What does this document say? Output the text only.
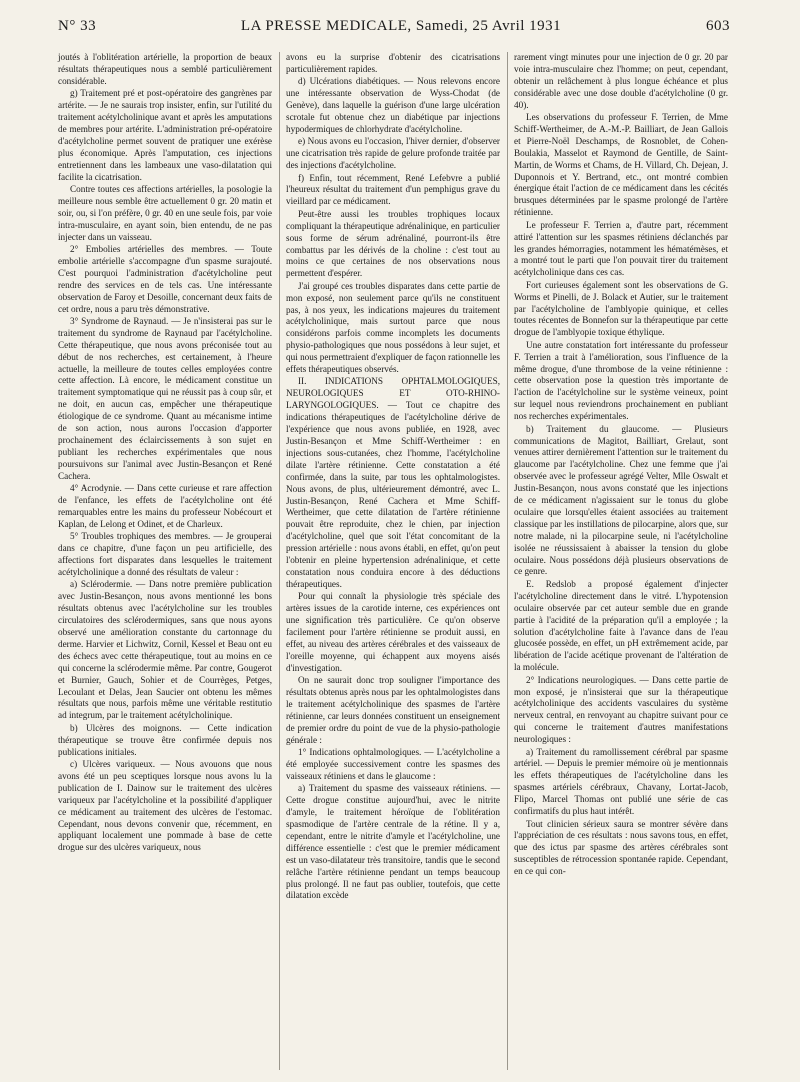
N° 33	LA PRESSE MEDICALE, Samedi, 25 Avril 1931	603

joutés à l'oblitération artérielle, la proportion de beaux résultats thérapeutiques nous a semblé particulièrement considérable.

g) Traitement pré et post-opératoire des gangrènes par artérite. — Je ne saurais trop insister, enfin, sur l'utilité du traitement acétylcholinique avant et après les amputations de membres pour artérite. L'administration pré-opératoire d'acétylcholine permet souvent de pratiquer une exérèse plus économique. Après l'amputation, ces injections entretiennent dans les lambeaux une vaso-dilatation qui facilite la cicatrisation.

Contre toutes ces affections artérielles, la posologie la meilleure nous semble être actuellement 0 gr. 20 matin et soir, ou, si l'on préfère, 0 gr. 40 en une seule fois, par voie intra-musculaire, en ayant soin, bien entendu, de ne pas injecter dans un vaisseau.

2° Embolies artérielles des membres. — Toute embolie artérielle s'accompagne d'un spasme surajouté. C'est pourquoi l'administration d'acétylcholine peut rendre des services en de tels cas. Une intéressante observation de Faroy et Desoille, concernant deux faits de cet ordre, nous a paru très démonstrative.

3° Syndrome de Raynaud. — Je n'insisterai pas sur le traitement du syndrome de Raynaud par l'acétylcholine. Cette thérapeutique, que nous avons préconisée tout au début de nos recherches, est certainement, à l'heure actuelle, la meilleure de toutes celles employées contre cette affection. Là encore, le médicament constitue un traitement symptomatique qui ne réussit pas à coup sûr, et ne doit, en aucun cas, empêcher une thérapeutique étiologique de ce syndrome. Quant au mécanisme intime de son action, nous aurons l'occasion d'apporter prochainement des éclaircissements à son sujet en publiant les recherches expérimentales que nous poursuivons sur l'animal avec Justin-Besançon et René Cachera.

4° Acrodynie. — Dans cette curieuse et rare affection de l'enfance, les effets de l'acétylcholine ont été remarquables entre les mains du professeur Nobécourt et Kaplan, de Lelong et Odinet, et de Charleux.

5° Troubles trophiques des membres. — Je grouperai dans ce chapitre, d'une façon un peu artificielle, des affections fort disparates dans lesquelles le traitement acétylcholinique a donné des résultats de valeur :

a) Sclérodermie. — Dans notre première publication avec Justin-Besançon, nous avons mentionné les bons résultats obtenus avec l'acétylcholine sur les troubles circulatoires des sclérodermiques, sans que nous ayons observé une amélioration constante du cartonnage du derme. Harvier et Lichwitz, Cornil, Kessel et Beau ont eu des échecs avec cette thérapeutique, tout au moins en ce qui concerne la sclérodermie même. Par contre, Gougerot et Burnier, Gauch, Sohier et de Courrèges, Petges, Lecoulant et Delas, Jean Saucier ont obtenu les mêmes résultats que nous, parfois même une véritable restitutio ad integrum, par le traitement acétylcholinique.

b) Ulcères des moignons. — Cette indication thérapeutique se trouve être confirmée depuis nos publications initiales.

c) Ulcères variqueux. — Nous avouons que nous avons été un peu sceptiques lorsque nous avons lu la publication de I. Dainow sur le traitement des ulcères variqueux par l'acétylcholine et la possibilité d'appliquer ce médicament au traitement des ulcères de l'estomac. Cependant, nous devons convenir que, récemment, en appliquant localement une pommade à base de cette drogue sur des ulcères variqueux, nous

avons eu la surprise d'obtenir des cicatrisations particulièrement rapides.

d) Ulcérations diabétiques. — Nous relevons encore une intéressante observation de Wyss-Chodat (de Genève), dans laquelle la guérison d'une large ulcération scrotale fut obtenue chez un diabétique par injections hypodermiques de chlorhydrate d'acétylcholine.

e) Nous avons eu l'occasion, l'hiver dernier, d'observer une cicatrisation très rapide de gelure profonde traitée par des injections d'acétylcholine.

f) Enfin, tout récemment, René Lefebvre a publié l'heureux résultat du traitement d'un pemphigus grave du vieillard par ce médicament.

Peut-être aussi les troubles trophiques locaux compliquant la thérapeutique adrénalinique, en particulier sous forme de sérum adrénaliné, pourront-ils être combattus par les dérivés de la choline : c'est tout au moins ce que certaines de nos observations nous permettent d'espérer.

J'ai groupé ces troubles disparates dans cette partie de mon exposé, non seulement parce qu'ils ne constituent pas, à nos yeux, les indications majeures du traitement acétylcholinique, mais surtout parce que nous considérons parfois comme incomplets les documents physio-pathologiques que nous possédons à leur sujet, et qui nous permettraient d'expliquer de façon rationnelle les effets thérapeutiques observés.

II. INDICATIONS OPHTALMOLOGIQUES, NEUROLOGIQUES ET OTO-RHINO-LARYNGOLOGIQUES. — Tout ce chapitre des indications thérapeutiques de l'acétylcholine dérive de l'expérience que nous avons publiée, en 1928, avec Justin-Besançon et Mme Schiff-Wertheimer : en injections sous-cutanées, chez l'homme, l'acétylcholine dilate l'artère rétinienne. Cette constatation a été confirmée, dans la suite, par tous les ophtalmologistes. Nous avons, de plus, ultérieurement démontré, avec L. Justin-Besançon, René Cachera et Mme Schiff-Wertheimer, que cette dilatation de l'artère rétinienne pouvait être reproduite, chez le chien, par injection d'acétylcholine, quel que soit l'état concomitant de la pression artérielle : nous avons établi, en effet, qu'on peut l'obtenir en pleine hypertension adrénalinique, et cette constatation nous conduira encore à des déductions thérapeutiques.

Pour qui connaît la physiologie très spéciale des artères issues de la carotide interne, ces expériences ont une signification très particulière. Ce qu'on observe facilement pour l'artère rétinienne se produit aussi, en effet, au niveau des artères cérébrales et des vaisseaux de l'oreille moyenne, qui échappent aux moyens aisés d'investigation.

On ne saurait donc trop souligner l'importance des résultats obtenus après nous par les ophtalmologistes dans le traitement acétylcholinique des spasmes de l'artère rétinienne, car leurs données constituent un enseignement de premier ordre du point de vue de la physio-pathologie générale :

1° Indications ophtalmologiques. — L'acétylcholine a été employée successivement contre les spasmes des vaisseaux rétiniens et dans le glaucome :

a) Traitement du spasme des vaisseaux rétiniens. — Cette drogue constitue aujourd'hui, avec le nitrite d'amyle, le traitement héroïque de l'oblitération spasmodique de l'artère centrale de la rétine. Il y a, cependant, entre le nitrite d'amyle et l'acétylcholine, une différence essentielle : c'est que le premier médicament est un vaso-dilatateur très transitoire, tandis que le second relâche l'artère rétinienne pendant un temps beaucoup plus prolongé. Il ne faut pas oublier, toutefois, que cette dilatation excède

rarement vingt minutes pour une injection de 0 gr. 20 par voie intra-musculaire chez l'homme; on peut, cependant, obtenir un relâchement à plus longue échéance et plus considérable avec une dose double d'acétylcholine (0 gr. 40).

Les observations du professeur F. Terrien, de Mme Schiff-Wertheimer, de A.-M.-P. Bailliart, de Jean Gallois et Pierre-Noël Deschamps, de Rosnoblet, de Cohen-Boulakia, Masselot et Raymond de Gentille, de Saint-Martin, de Worms et Chams, de H. Villard, Ch. Dejean, J. Duponnois et Y. Bertrand, etc., ont montré combien énergique était l'action de ce médicament dans les cécités brusques déterminées par le spasme prolongé de l'artère rétinienne.

Le professeur F. Terrien a, d'autre part, récemment attiré l'attention sur les spasmes rétiniens déclanchés par les grandes hémorragies, notamment les hématémèses, et a montré tout le parti que l'on pouvait tirer du traitement acétylcholinique dans ces cas.

Fort curieuses également sont les observations de G. Worms et Pinelli, de J. Bolack et Autier, sur le traitement par l'acétylcholine de l'amblyopie quinique, et celles toutes récentes de Bonnefon sur la thérapeutique par cette drogue de l'amblyopie toxique éthylique.

Une autre constatation fort intéressante du professeur F. Terrien a trait à l'amélioration, sous l'influence de la même drogue, d'une thrombose de la veine rétinienne : cette observation pose la question très importante de l'action de l'acétylcholine sur le système veineux, point sur lequel nous reviendrons prochainement en publiant nos recherches expérimentales.

b) Traitement du glaucome. — Plusieurs communications de Magitot, Bailliart, Grelaut, sont venues attirer dernièrement l'attention sur le traitement du glaucome par l'acétylcholine. Chez une femme que j'ai observée avec le professeur agrégé Velter, Mlle Oswalt et Justin-Besançon, nous avons constaté que les injections de ce médicament n'agissaient sur le tonus du globe oculaire que lorsqu'elles étaient associées au traitement classique par les instillations de pilocarpine, alors que, sur notre malade, ni la pilocarpine seule, ni l'acétylcholine isolée ne réussissaient à abaisser la tension du globe oculaire. Nous possédons déjà plusieurs observations de ce genre.

E. Redslob a proposé également d'injecter l'acétylcholine directement dans le vitré. L'hypotension oculaire observée par cet auteur semble due en grande partie à l'acidité de la préparation qu'il a employée ; la solution d'acétylcholine faite à l'avance dans de l'eau glucosée possède, en effet, un pH extrêmement acide, par libération de l'acide acétique provenant de l'altération de la molécule.

2° Indications neurologiques. — Dans cette partie de mon exposé, je n'insisterai que sur la thérapeutique acétylcholinique des accidents vasculaires du système nerveux central, en renvoyant au chapitre suivant pour ce qui concerne le traitement d'autres manifestations neurologiques :

a) Traitement du ramollissement cérébral par spasme artériel. — Depuis le premier mémoire où je mentionnais les effets thérapeutiques de l'acétylcholine dans les spasmes artériels cérébraux, Chavany, Lortat-Jacob, Flipo, Marcel Thomas ont publié une série de cas confirmatifs du plus haut intérêt.

Tout clinicien sérieux saura se montrer sévère dans l'appréciation de ces résultats : nous savons tous, en effet, que des ictus par spasme des artères cérébrales sont susceptibles de rétrocession spontanée rapide. Cependant, en ce qui con-
